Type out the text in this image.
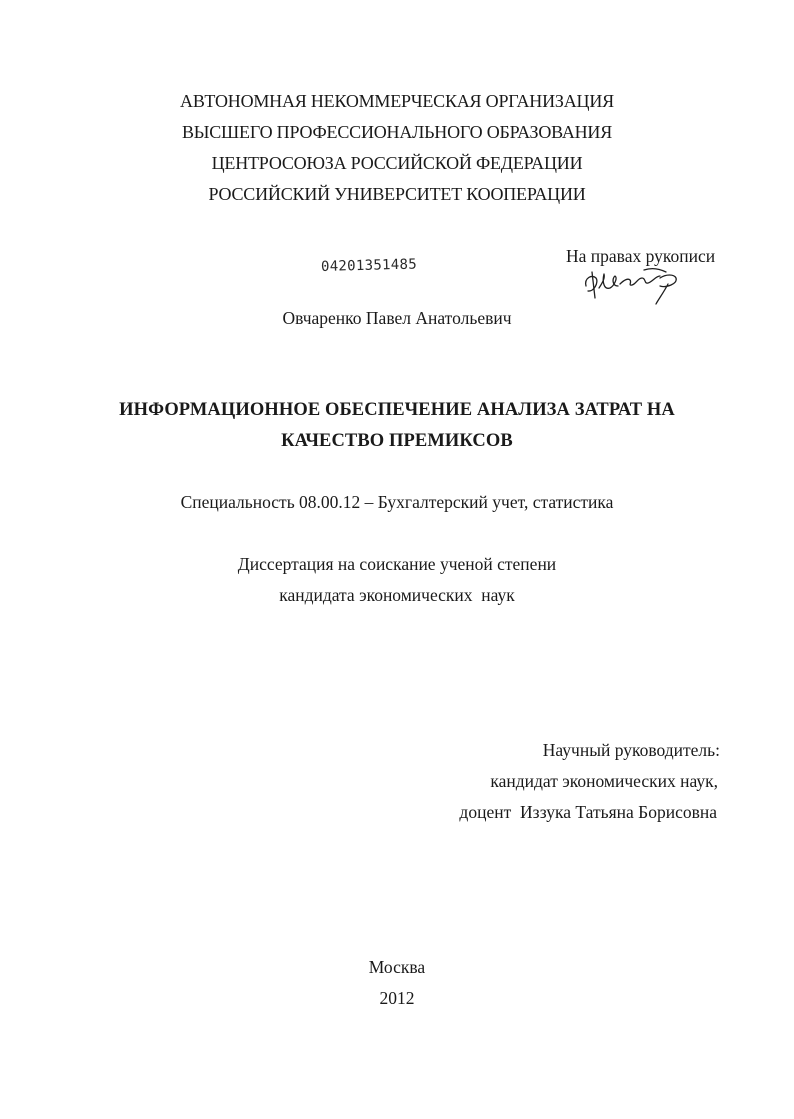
АВТОНОМНАЯ НЕКОММЕРЧЕСКАЯ ОРГАНИЗАЦИЯ
ВЫСШЕГО ПРОФЕССИОНАЛЬНОГО ОБРАЗОВАНИЯ
ЦЕНТРОСОЮЗА РОССИЙСКОЙ ФЕДЕРАЦИИ
РОССИЙСКИЙ УНИВЕРСИТЕТ КООПЕРАЦИИ
На правах рукописи
04201351485
Овчаренко Павел Анатольевич
ИНФОРМАЦИОННОЕ ОБЕСПЕЧЕНИЕ АНАЛИЗА ЗАТРАТ НА
КАЧЕСТВО ПРЕМИКСОВ
Специальность 08.00.12 – Бухгалтерский учет, статистика
Диссертация на соискание ученой степени
кандидата экономических  наук
Научный руководитель:
кандидат экономических наук,
доцент  Иззука Татьяна Борисовна
Москва
2012
